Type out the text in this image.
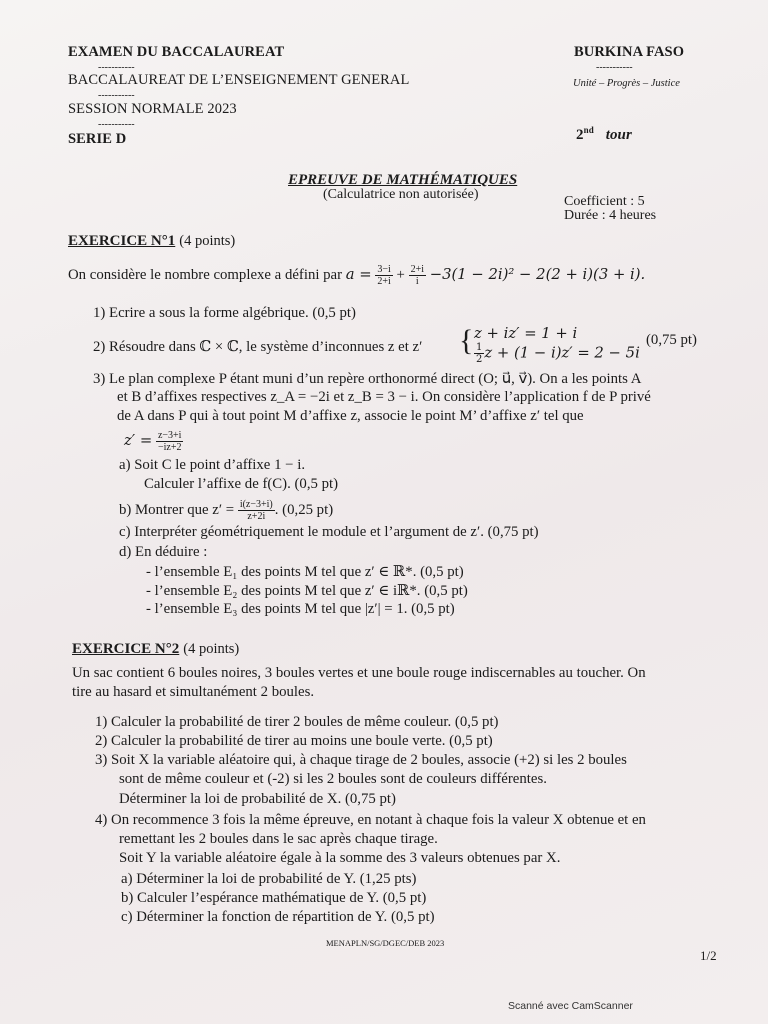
EXAMEN DU BACCALAUREAT
-----------
BACCALAUREAT DE L’ENSEIGNEMENT GENERAL
-----------
SESSION NORMALE 2023
-----------
SERIE D
BURKINA FASO
-----------
Unité – Progrès – Justice
2nd tour
EPREUVE DE MATHÉMATIQUES
(Calculatrice non autorisée)	Coefficient : 5
Durée : 4 heures
EXERCICE N°1 (4 points)
On considère le nombre complexe a défini par $a = \frac{3-i}{2+i} + \frac{2+i}{i} -3(1 - 2i)^2 - 2(2 + i)(3 + i)$.
1) Ecrire a sous la forme algébrique. (0,5 pt)
2) Résoudre dans ℂ × ℂ, le système d’inconnues z et z′ { z + iz′ = 1 + i
$\frac{1}{2}$ z + (1 − i)z′ = 2 − 5i
(0,75 pt)
3) Le plan complexe P étant muni d’un repère orthonormé direct (O; u⃗, v⃗). On a les points A
et B d’affixes respectives z_A = −2i et z_B = 3 − i. On considère l’application f de P privé
de A dans P qui à tout point M d’affixe z, associe le point M’ d’affixe z′ tel que
$z' = \frac{z-3+i}{-iz+2}$
a) Soit C le point d’affixe 1 − i.
Calculer l’affixe de f(C). (0,5 pt)
b) Montrer que $z' = \frac{i(z-3+i)}{z+2i}$ . (0,25 pt)
c) Interpréter géométriquement le module et l’argument de z′. (0,75 pt)
d) En déduire :
- l’ensemble E₁ des points M tel que z′ ∈ ℝ*. (0,5 pt)
- l’ensemble E₂ des points M tel que z′ ∈ iℝ*. (0,5 pt)
- l’ensemble E₃ des points M tel que |z′| = 1. (0,5 pt)
EXERCICE N°2 (4 points)
Un sac contient 6 boules noires, 3 boules vertes et une boule rouge indiscernables au toucher. On
tire au hasard et simultanément 2 boules.
1) Calculer la probabilité de tirer 2 boules de même couleur. (0,5 pt)
2) Calculer la probabilité de tirer au moins une boule verte. (0,5 pt)
3) Soit X la variable aléatoire qui, à chaque tirage de 2 boules, associe (+2) si les 2 boules
sont de même couleur et (-2) si les 2 boules sont de couleurs différentes.
Déterminer la loi de probabilité de X. (0,75 pt)
4) On recommence 3 fois la même épreuve, en notant à chaque fois la valeur X obtenue et en
remettant les 2 boules dans le sac après chaque tirage.
Soit Y la variable aléatoire égale à la somme des 3 valeurs obtenues par X.
a) Déterminer la loi de probabilité de Y. (1,25 pts)
b) Calculer l’espérance mathématique de Y. (0,5 pt)
c) Déterminer la fonction de répartition de Y. (0,5 pt)
MENAPLN/SG/DGEC/DEB 2023
1/2
Scanné avec CamScanner
